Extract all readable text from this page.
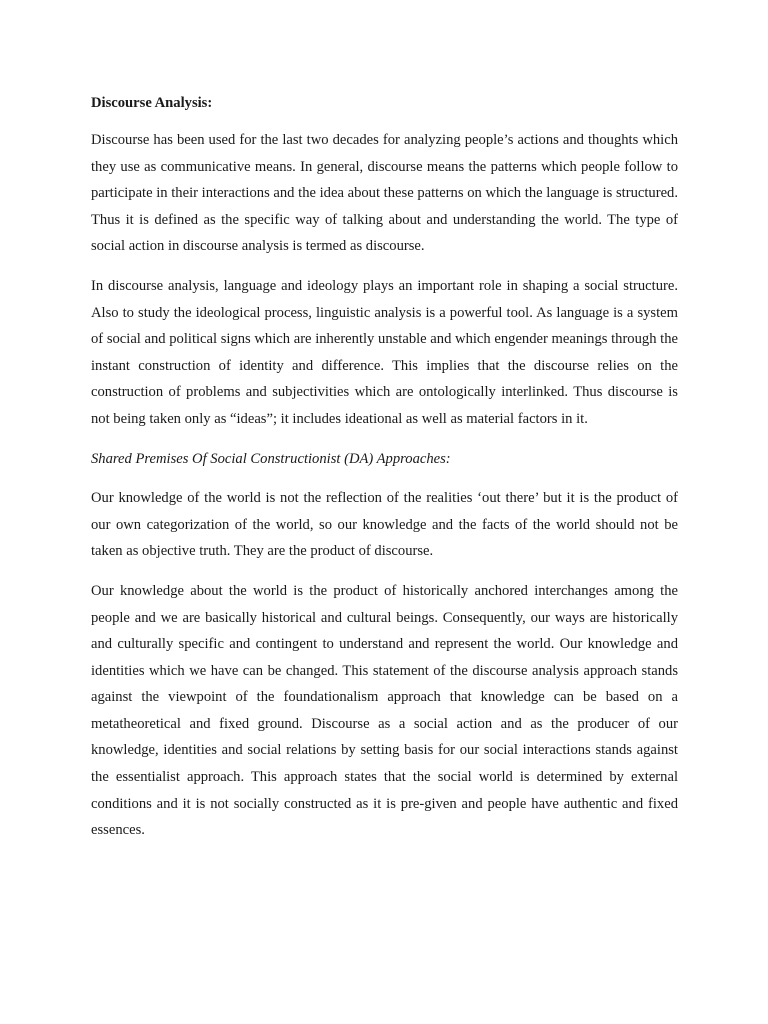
Discourse Analysis:

Discourse has been used for the last two decades for analyzing people’s actions and thoughts which they use as communicative means. In general, discourse means the patterns which people follow to participate in their interactions and the idea about these patterns on which the language is structured. Thus it is defined as the specific way of talking about and understanding the world. The type of social action in discourse analysis is termed as discourse.

In discourse analysis, language and ideology plays an important role in shaping a social structure. Also to study the ideological process, linguistic analysis is a powerful tool. As language is a system of social and political signs which are inherently unstable and which engender meanings through the instant construction of identity and difference. This implies that the discourse relies on the construction of problems and subjectivities which are ontologically interlinked. Thus discourse is not being taken only as “ideas”; it includes ideational as well as material factors in it.

Shared Premises Of Social Constructionist (DA) Approaches:

Our knowledge of the world is not the reflection of the realities ‘out there’ but it is the product of our own categorization of the world, so our knowledge and the facts of the world should not be taken as objective truth. They are the product of discourse.

Our knowledge about the world is the product of historically anchored interchanges among the people and we are basically historical and cultural beings. Consequently, our ways are historically and culturally specific and contingent to understand and represent the world. Our knowledge and identities which we have can be changed. This statement of the discourse analysis approach stands against the viewpoint of the foundationalism approach that knowledge can be based on a metatheoretical and fixed ground. Discourse as a social action and as the producer of our knowledge, identities and social relations by setting basis for our social interactions stands against the essentialist approach. This approach states that the social world is determined by external conditions and it is not socially constructed as it is pre-given and people have authentic and fixed essences.
